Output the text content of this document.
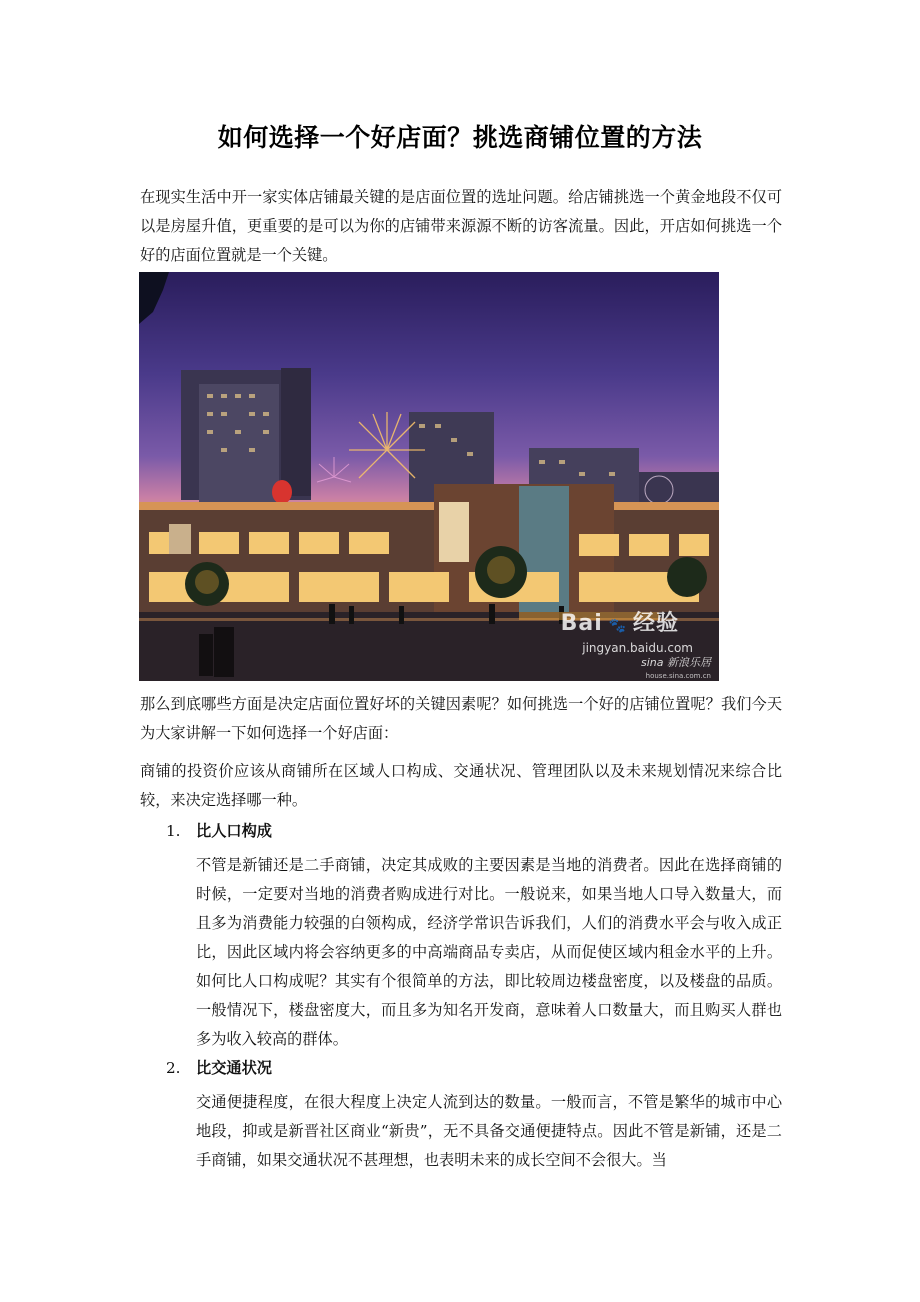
如何选择一个好店面？挑选商铺位置的方法
在现实生活中开一家实体店铺最关键的是店面位置的选址问题。给店铺挑选一个黄金地段不仅可以是房屋升值，更重要的是可以为你的店铺带来源源不断的访客流量。因此，开店如何挑选一个好的店面位置就是一个关键。
Bai 🐾 经验
jingyan.baidu.com
sina 新浪乐居
house.sina.com.cn
那么到底哪些方面是决定店面位置好坏的关键因素呢？如何挑选一个好的店铺位置呢？我们今天为大家讲解一下如何选择一个好店面：
商铺的投资价应该从商铺所在区域人口构成、交通状况、管理团队以及未来规划情况来综合比较，来决定选择哪一种。
1. 比人口构成
不管是新铺还是二手商铺，决定其成败的主要因素是当地的消费者。因此在选择商铺的时候，一定要对当地的消费者购成进行对比。一般说来，如果当地人口导入数量大，而且多为消费能力较强的白领构成，经济学常识告诉我们，人们的消费水平会与收入成正比，因此区域内将会容纳更多的中高端商品专卖店，从而促使区域内租金水平的上升。如何比人口构成呢？其实有个很简单的方法，即比较周边楼盘密度，以及楼盘的品质。一般情况下，楼盘密度大，而且多为知名开发商，意味着人口数量大，而且购买人群也多为收入较高的群体。
2. 比交通状况
交通便捷程度，在很大程度上决定人流到达的数量。一般而言，不管是繁华的城市中心地段，抑或是新晋社区商业“新贵”，无不具备交通便捷特点。因此不管是新铺，还是二手商铺，如果交通状况不甚理想，也表明未来的成长空间不会很大。当
